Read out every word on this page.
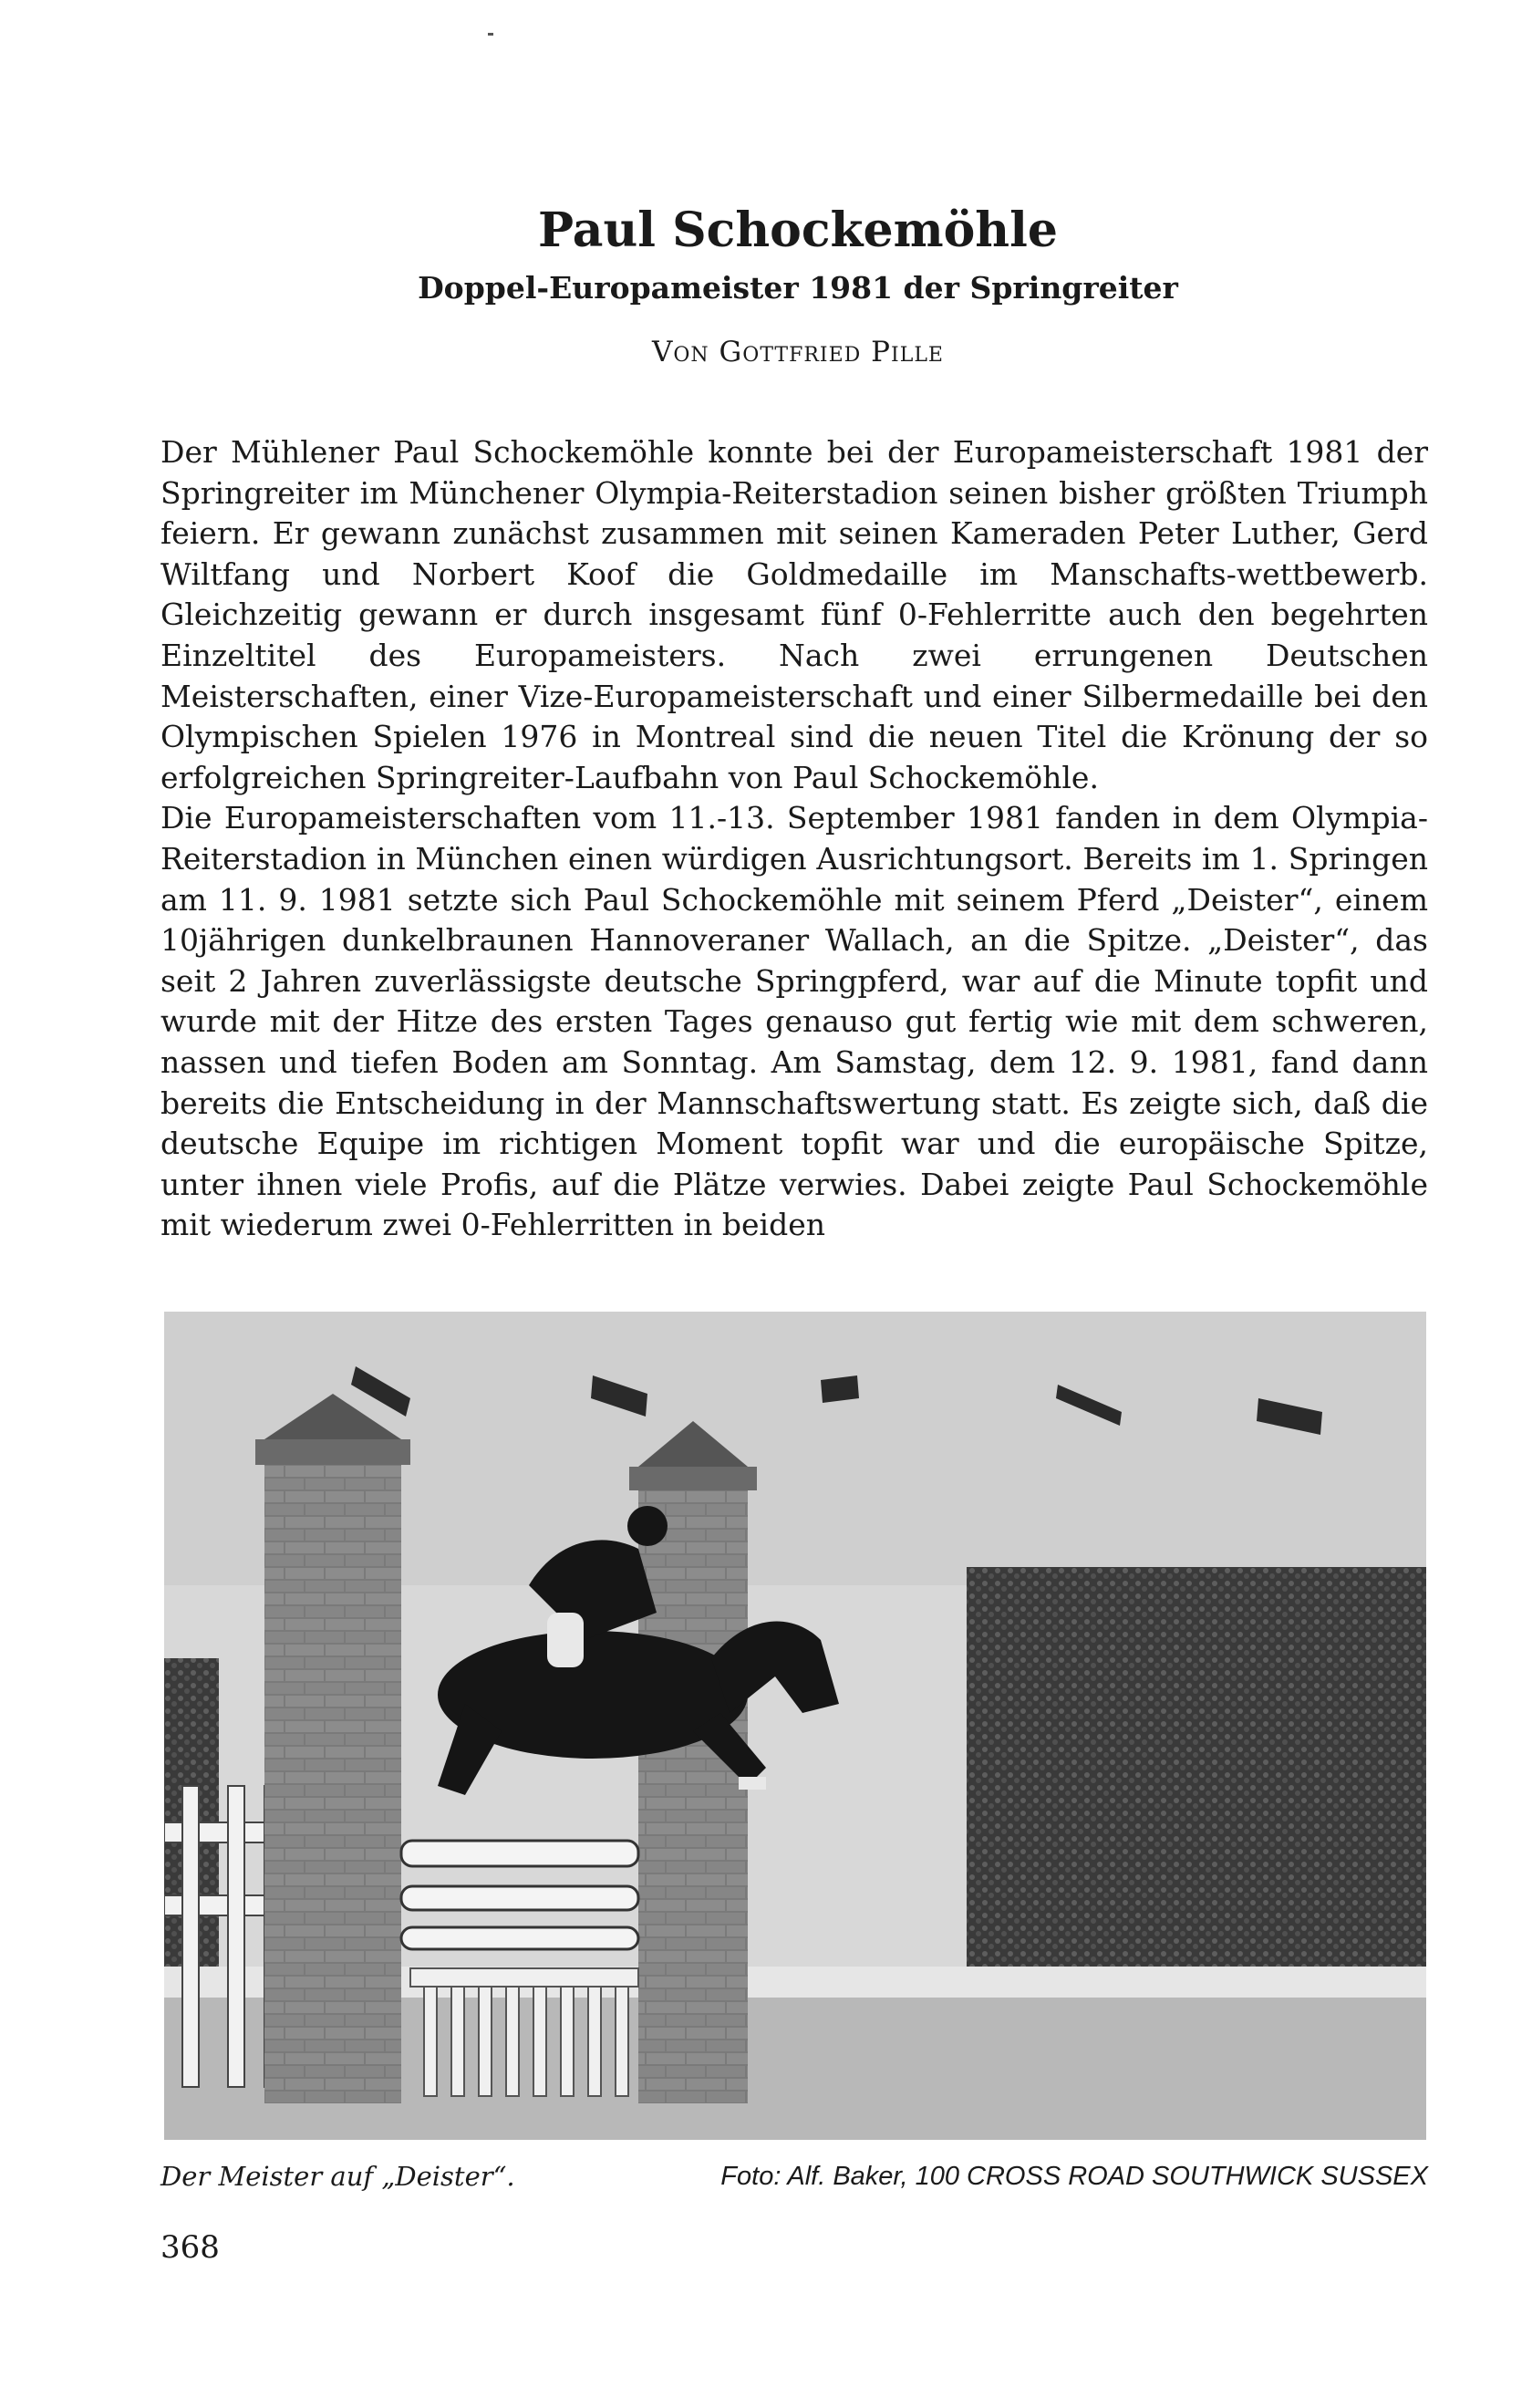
Paul Schockemöhle
Doppel-Europameister 1981 der Springreiter
Von Gottfried Pille

Der Mühlener Paul Schockemöhle konnte bei der Europameisterschaft 1981 der Springreiter im Münchener Olympia-Reiterstadion seinen bisher größten Triumph feiern. Er gewann zunächst zusammen mit seinen Kameraden Peter Luther, Gerd Wiltfang und Norbert Koof die Goldmedaille im Manschafts-wettbewerb. Gleichzeitig gewann er durch insgesamt fünf 0-Fehlerritte auch den begehrten Einzeltitel des Europameisters. Nach zwei errungenen Deutschen Meisterschaften, einer Vize-Europameisterschaft und einer Silbermedaille bei den Olympischen Spielen 1976 in Montreal sind die neuen Titel die Krönung der so erfolgreichen Springreiter-Laufbahn von Paul Schockemöhle.

Die Europameisterschaften vom 11.-13. September 1981 fanden in dem Olympia-Reiterstadion in München einen würdigen Ausrichtungsort. Bereits im 1. Springen am 11. 9. 1981 setzte sich Paul Schockemöhle mit seinem Pferd „Deister“, einem 10jährigen dunkelbraunen Hannoveraner Wallach, an die Spitze. „Deister“, das seit 2 Jahren zuverlässigste deutsche Springpferd, war auf die Minute topfit und wurde mit der Hitze des ersten Tages genauso gut fertig wie mit dem schweren, nassen und tiefen Boden am Sonntag. Am Samstag, dem 12. 9. 1981, fand dann bereits die Entscheidung in der Mannschaftswertung statt. Es zeigte sich, daß die deutsche Equipe im richtigen Moment topfit war und die europäische Spitze, unter ihnen viele Profis, auf die Plätze verwies. Dabei zeigte Paul Schockemöhle mit wiederum zwei 0-Fehlerritten in beiden

Der Meister auf „Deister“.	Foto: Alf. Baker, 100 CROSS ROAD SOUTHWICK SUSSEX
368
